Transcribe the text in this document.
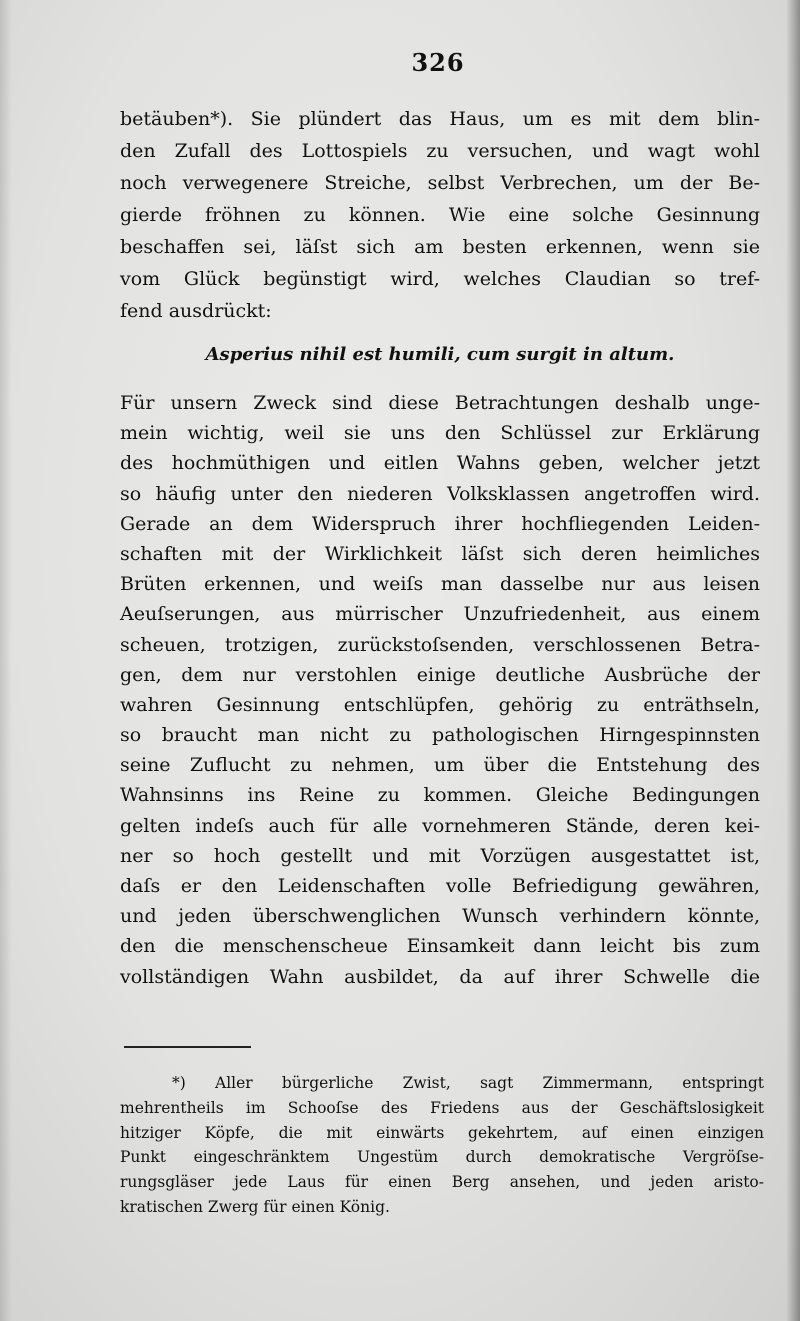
326
betäuben*). Sie plündert das Haus, um es mit dem blin-
den Zufall des Lottospiels zu versuchen, und wagt wohl
noch verwegenere Streiche, selbst Verbrechen, um der Be-
gierde fröhnen zu können. Wie eine solche Gesinnung
beschaffen sei, läſst sich am besten erkennen, wenn sie
vom Glück begünstigt wird, welches Claudian so tref-
fend ausdrückt:
Asperius nihil est humili, cum surgit in altum.
Für unsern Zweck sind diese Betrachtungen deshalb unge-
mein wichtig, weil sie uns den Schlüssel zur Erklärung
des hochmüthigen und eitlen Wahns geben, welcher jetzt
so häufig unter den niederen Volksklassen angetroffen wird.
Gerade an dem Widerspruch ihrer hochfliegenden Leiden-
schaften mit der Wirklichkeit läſst sich deren heimliches
Brüten erkennen, und weiſs man dasselbe nur aus leisen
Aeuſserungen, aus mürrischer Unzufriedenheit, aus einem
scheuen, trotzigen, zurückstoſsenden, verschlossenen Betra-
gen, dem nur verstohlen einige deutliche Ausbrüche der
wahren Gesinnung entschlüpfen, gehörig zu enträthseln,
so braucht man nicht zu pathologischen Hirngespinnsten
seine Zuflucht zu nehmen, um über die Entstehung des
Wahnsinns ins Reine zu kommen. Gleiche Bedingungen
gelten indeſs auch für alle vornehmeren Stände, deren kei-
ner so hoch gestellt und mit Vorzügen ausgestattet ist,
daſs er den Leidenschaften volle Befriedigung gewähren,
und jeden überschwenglichen Wunsch verhindern könnte,
den die menschenscheue Einsamkeit dann leicht bis zum
vollständigen Wahn ausbildet, da auf ihrer Schwelle die
*) Aller bürgerliche Zwist, sagt Zimmermann, entspringt
mehrentheils im Schooſse des Friedens aus der Geschäftslosigkeit
hitziger Köpfe, die mit einwärts gekehrtem, auf einen einzigen
Punkt eingeschränktem Ungestüm durch demokratische Vergröſse-
rungsgläser jede Laus für einen Berg ansehen, und jeden aristo-
kratischen Zwerg für einen König.
